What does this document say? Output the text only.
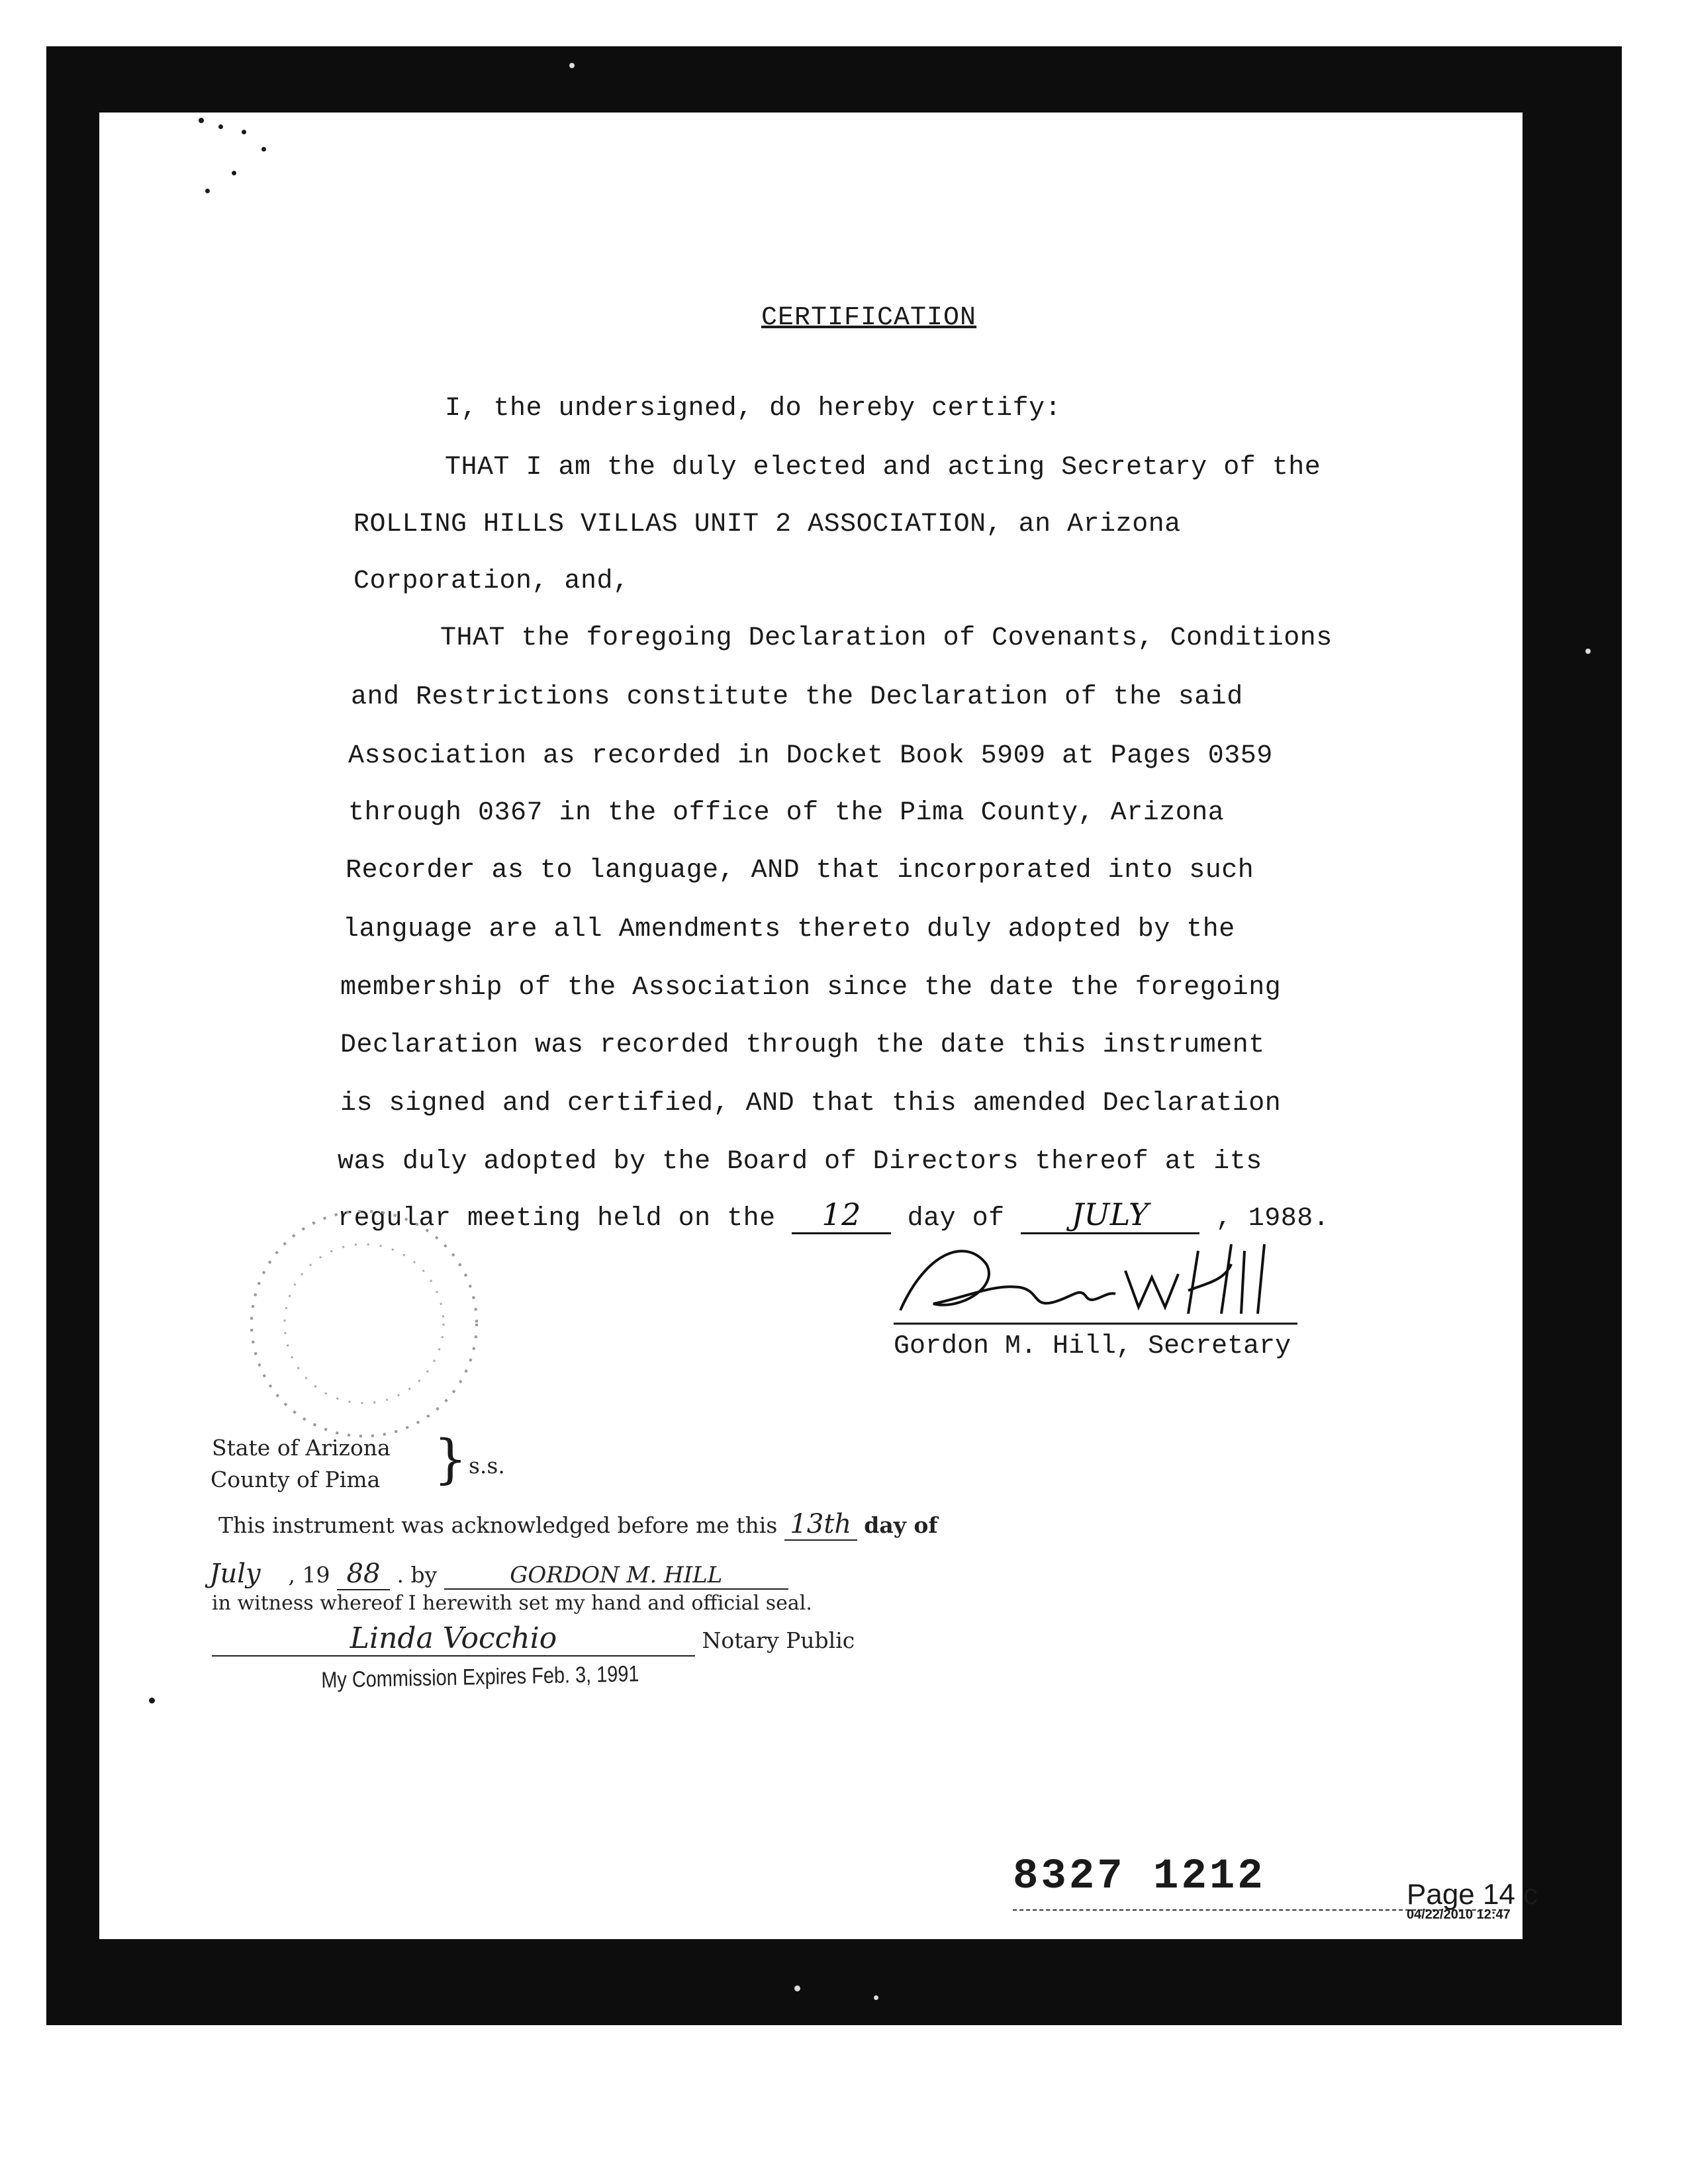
CERTIFICATION
I, the undersigned, do hereby certify:
THAT I am the duly elected and acting Secretary of the
ROLLING HILLS VILLAS UNIT 2 ASSOCIATION, an Arizona
Corporation, and,
THAT the foregoing Declaration of Covenants, Conditions
and Restrictions constitute the Declaration of the said
Association as recorded in Docket Book 5909 at Pages 0359
through 0367 in the office of the Pima County, Arizona
Recorder as to language, AND that incorporated into such
language are all Amendments thereto duly adopted by the
membership of the Association since the date the foregoing
Declaration was recorded through the date this instrument
is signed and certified, AND that this amended Declaration
was duly adopted by the Board of Directors thereof at its
regular meeting held on the 12 day of JULY	, 1988.
Gordon M. Hill, Secretary
State of Arizona
County of Pima } s.s.
This instrument was acknowledged before me this 13th day of
July , 19 88 . by	GORDON M. HILL
in witness whereof I herewith set my hand and official seal.
Linda Vocchio	Notary Public
My Commission Expires Feb. 3, 1991
8327 1212	Page 14 c
04/22/2010 12:47
